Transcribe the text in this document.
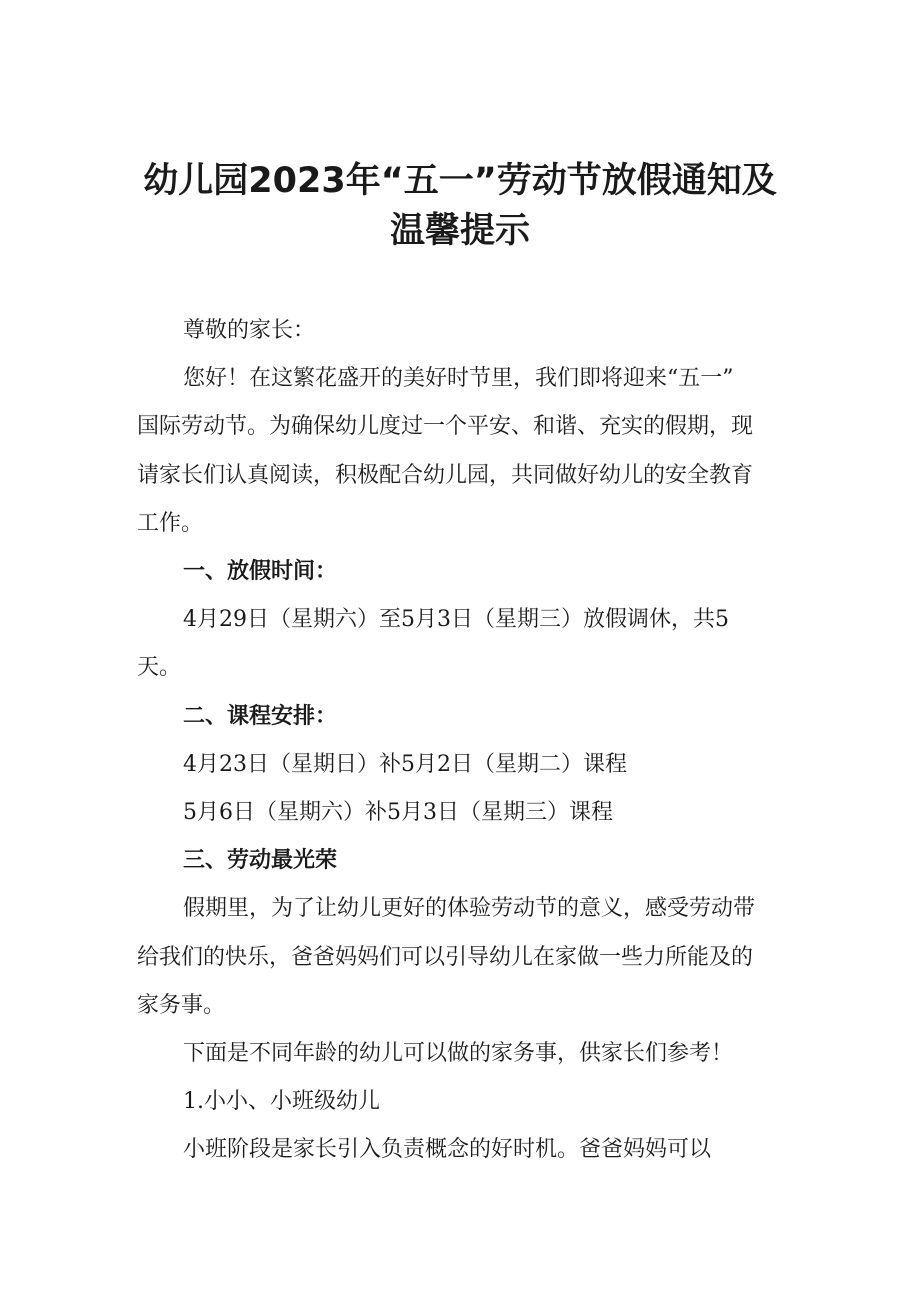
幼儿园2023年“五一”劳动节放假通知及
温馨提示

尊敬的家长：

您好！在这繁花盛开的美好时节里，我们即将迎来“五一”

国际劳动节。为确保幼儿度过一个平安、和谐、充实的假期，现

请家长们认真阅读，积极配合幼儿园，共同做好幼儿的安全教育

工作。

一、放假时间：

4月29日（星期六）至5月3日（星期三）放假调休，共5

天。

二、课程安排：

4月23日（星期日）补5月2日（星期二）课程

5月6日（星期六）补5月3日（星期三）课程

三、劳动最光荣

假期里，为了让幼儿更好的体验劳动节的意义，感受劳动带

给我们的快乐，爸爸妈妈们可以引导幼儿在家做一些力所能及的

家务事。

下面是不同年龄的幼儿可以做的家务事，供家长们参考！

1.小小、小班级幼儿

小班阶段是家长引入负责概念的好时机。爸爸妈妈可以
